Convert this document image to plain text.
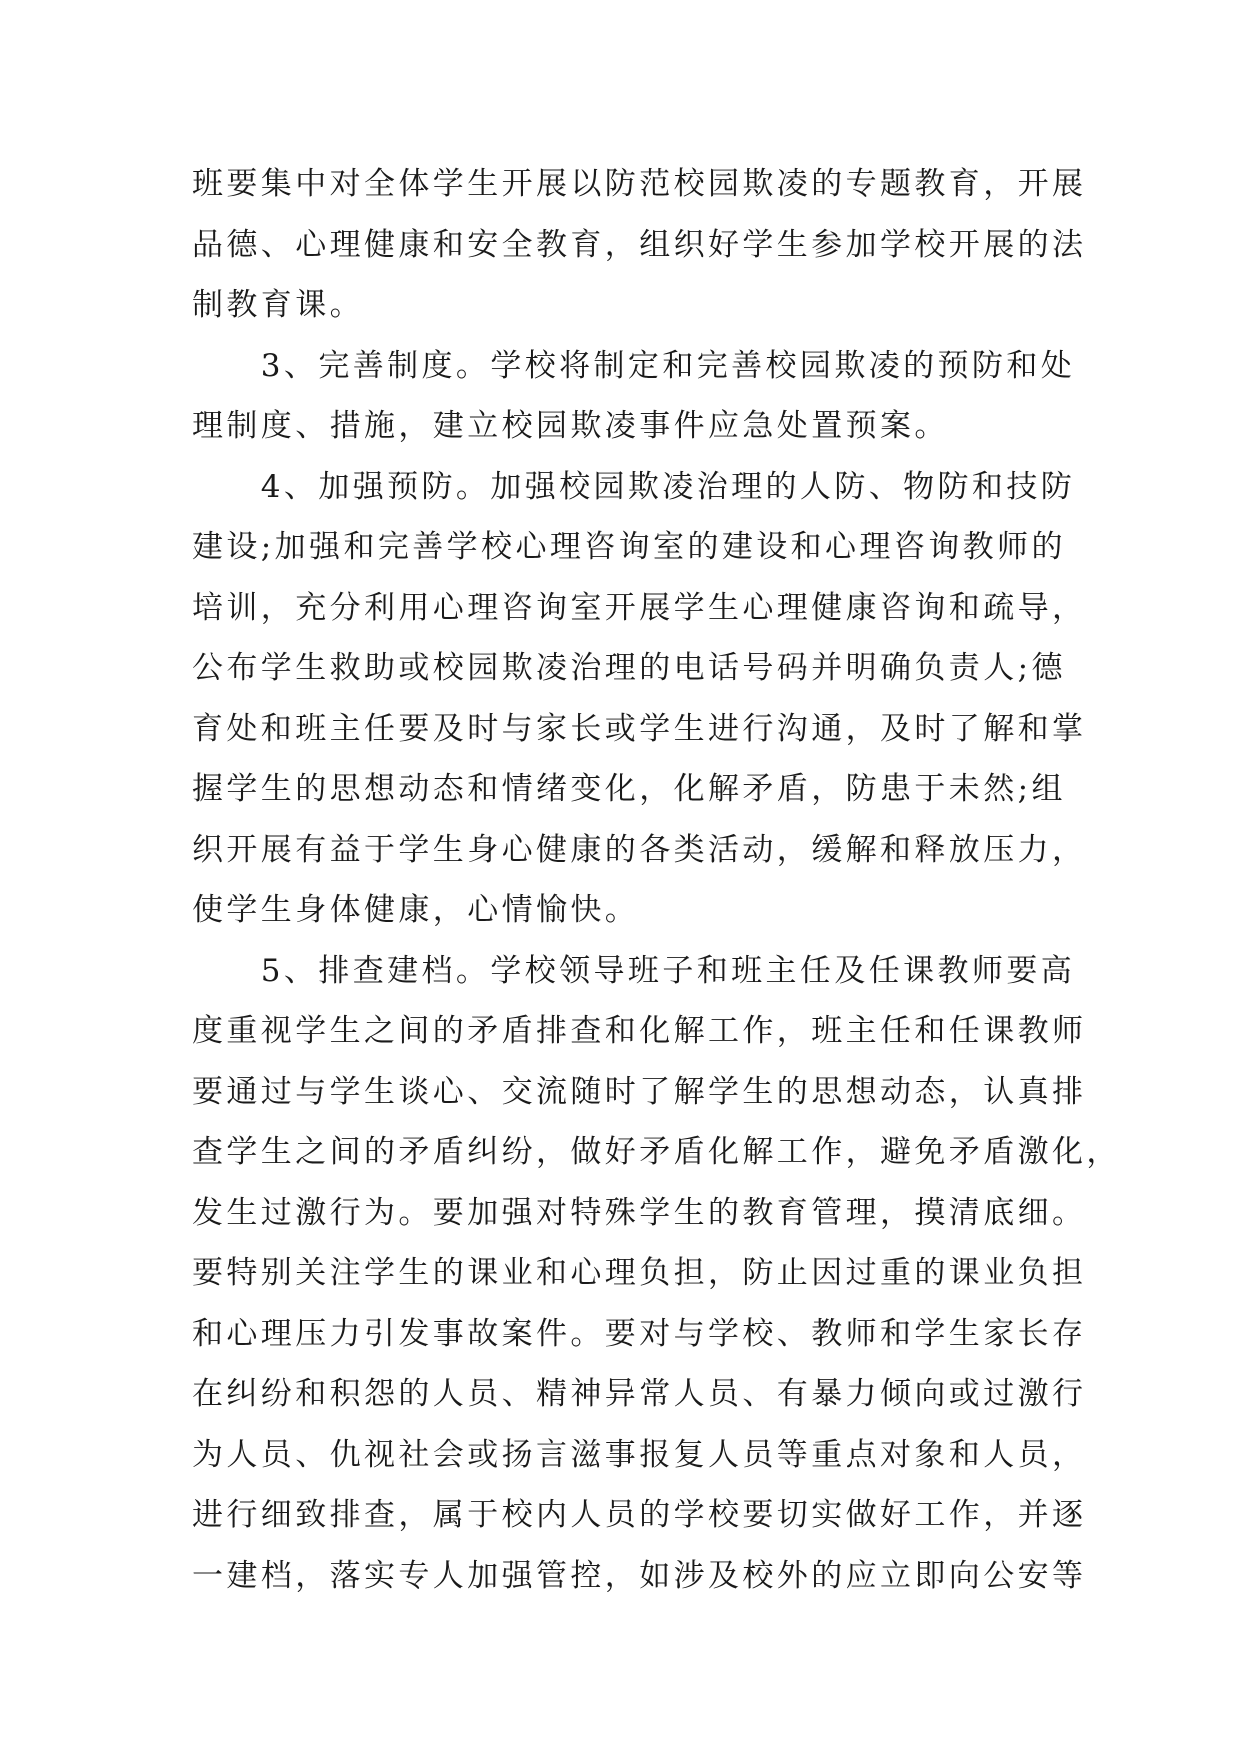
班要集中对全体学生开展以防范校园欺凌的专题教育，开展
品德、心理健康和安全教育，组织好学生参加学校开展的法
制教育课。
　　3、完善制度。学校将制定和完善校园欺凌的预防和处
理制度、措施，建立校园欺凌事件应急处置预案。
　　4、加强预防。加强校园欺凌治理的人防、物防和技防
建设;加强和完善学校心理咨询室的建设和心理咨询教师的
培训，充分利用心理咨询室开展学生心理健康咨询和疏导，
公布学生救助或校园欺凌治理的电话号码并明确负责人;德
育处和班主任要及时与家长或学生进行沟通，及时了解和掌
握学生的思想动态和情绪变化，化解矛盾，防患于未然;组
织开展有益于学生身心健康的各类活动，缓解和释放压力，
使学生身体健康，心情愉快。
　　5、排查建档。学校领导班子和班主任及任课教师要高
度重视学生之间的矛盾排查和化解工作，班主任和任课教师
要通过与学生谈心、交流随时了解学生的思想动态，认真排
查学生之间的矛盾纠纷，做好矛盾化解工作，避免矛盾激化，
发生过激行为。要加强对特殊学生的教育管理，摸清底细。
要特别关注学生的课业和心理负担，防止因过重的课业负担
和心理压力引发事故案件。要对与学校、教师和学生家长存
在纠纷和积怨的人员、精神异常人员、有暴力倾向或过激行
为人员、仇视社会或扬言滋事报复人员等重点对象和人员，
进行细致排查，属于校内人员的学校要切实做好工作，并逐
一建档，落实专人加强管控，如涉及校外的应立即向公安等
